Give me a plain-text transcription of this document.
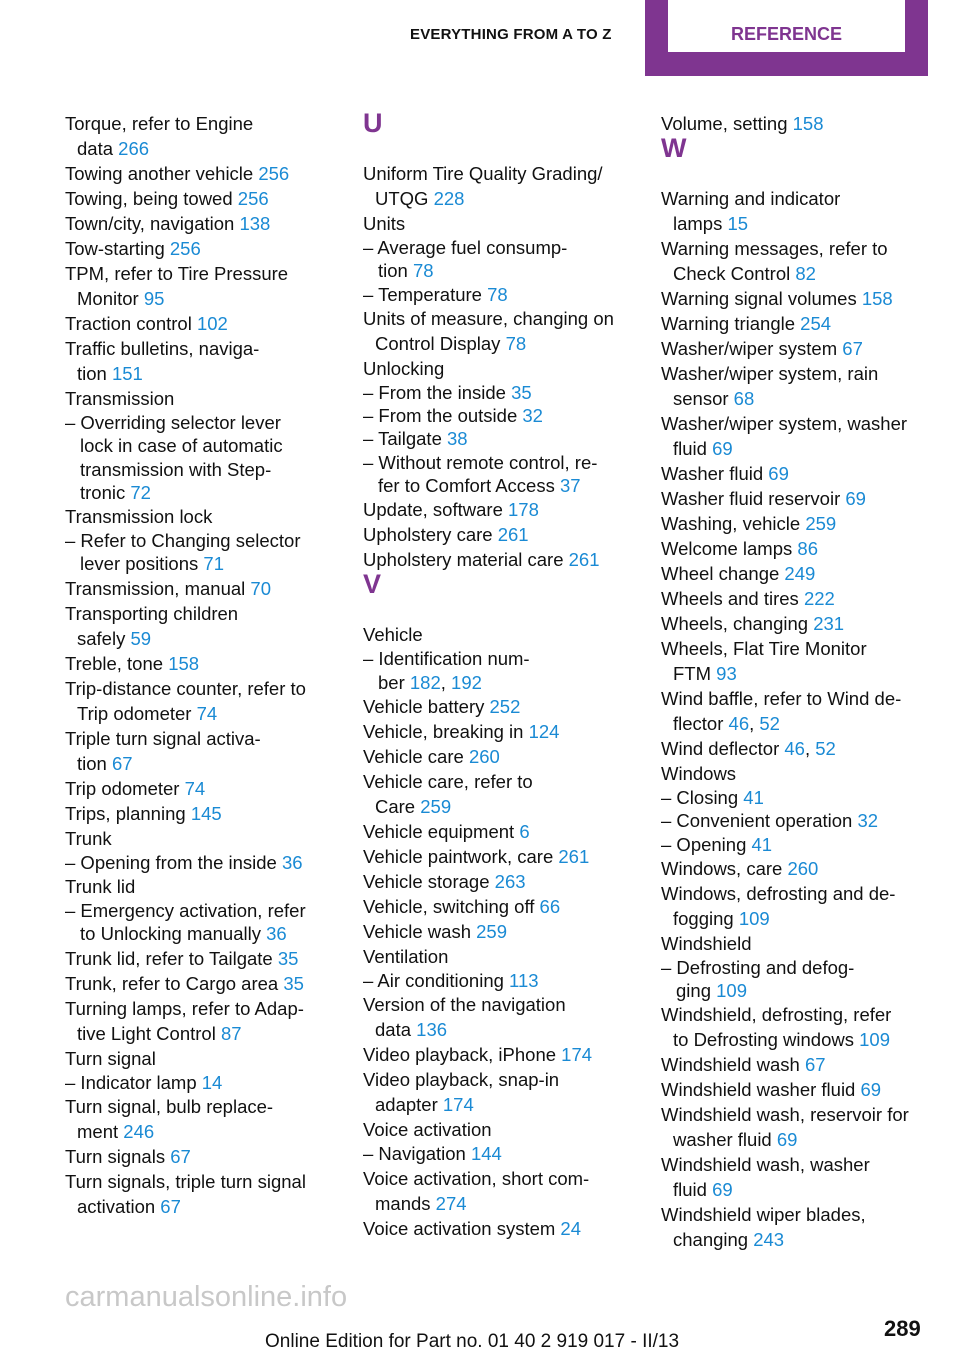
EVERYTHING FROM A TO Z	REFERENCE
Torque, refer to Engine
data 266
Towing another vehicle 256
Towing, being towed 256
Town/city, navigation 138
Tow-starting 256
TPM, refer to Tire Pressure
Monitor 95
Traction control 102
Traffic bulletins, naviga-
tion 151
Transmission
– Overriding selector lever
lock in case of automatic
transmission with Step-
tronic 72
Transmission lock
– Refer to Changing selector
lever positions 71
Transmission, manual 70
Transporting children
safely 59
Treble, tone 158
Trip-distance counter, refer to
Trip odometer 74
Triple turn signal activa-
tion 67
Trip odometer 74
Trips, planning 145
Trunk
– Opening from the inside 36
Trunk lid
– Emergency activation, refer
to Unlocking manually 36
Trunk lid, refer to Tailgate 35
Trunk, refer to Cargo area 35
Turning lamps, refer to Adap-
tive Light Control 87
Turn signal
– Indicator lamp 14
Turn signal, bulb replace-
ment 246
Turn signals 67
Turn signals, triple turn signal
activation 67
U
Uniform Tire Quality Grading/
UTQG 228
Units
– Average fuel consump-
tion 78
– Temperature 78
Units of measure, changing on
Control Display 78
Unlocking
– From the inside 35
– From the outside 32
– Tailgate 38
– Without remote control, re-
fer to Comfort Access 37
Update, software 178
Upholstery care 261
Upholstery material care 261
V
Vehicle
– Identification num-
ber 182, 192
Vehicle battery 252
Vehicle, breaking in 124
Vehicle care 260
Vehicle care, refer to
Care 259
Vehicle equipment 6
Vehicle paintwork, care 261
Vehicle storage 263
Vehicle, switching off 66
Vehicle wash 259
Ventilation
– Air conditioning 113
Version of the navigation
data 136
Video playback, iPhone 174
Video playback, snap-in
adapter 174
Voice activation
– Navigation 144
Voice activation, short com-
mands 274
Voice activation system 24
Volume, setting 158
W
Warning and indicator
lamps 15
Warning messages, refer to
Check Control 82
Warning signal volumes 158
Warning triangle 254
Washer/wiper system 67
Washer/wiper system, rain
sensor 68
Washer/wiper system, washer
fluid 69
Washer fluid 69
Washer fluid reservoir 69
Washing, vehicle 259
Welcome lamps 86
Wheel change 249
Wheels and tires 222
Wheels, changing 231
Wheels, Flat Tire Monitor
FTM 93
Wind baffle, refer to Wind de-
flector 46, 52
Wind deflector 46, 52
Windows
– Closing 41
– Convenient operation 32
– Opening 41
Windows, care 260
Windows, defrosting and de-
fogging 109
Windshield
– Defrosting and defog-
ging 109
Windshield, defrosting, refer
to Defrosting windows 109
Windshield wash 67
Windshield washer fluid 69
Windshield wash, reservoir for
washer fluid 69
Windshield wash, washer
fluid 69
Windshield wiper blades,
changing 243
carmanualsonline.info
Online Edition for Part no. 01 40 2 919 017 - II/13
289
